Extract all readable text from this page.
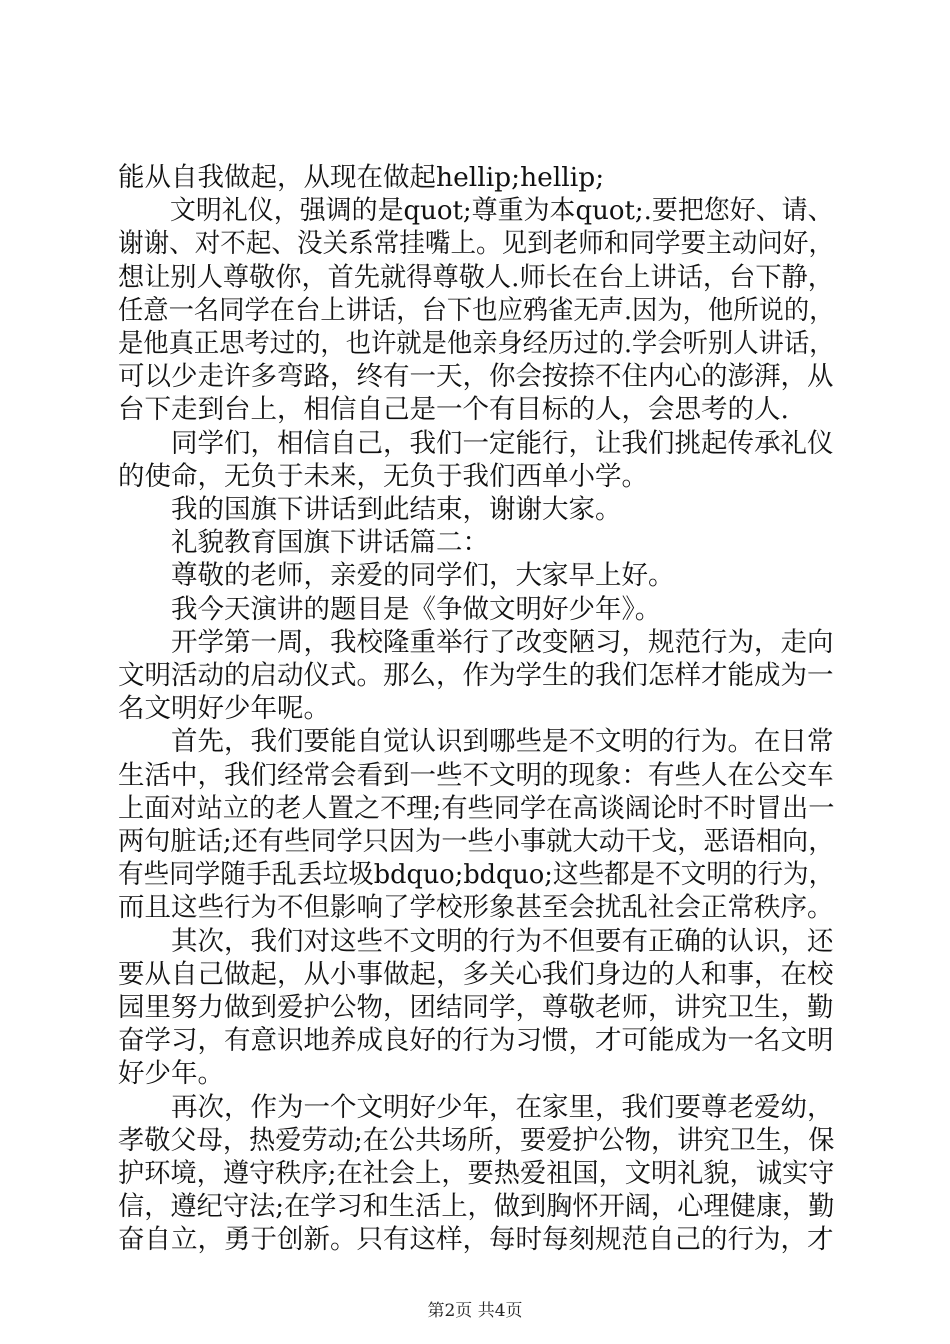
能从自我做起，从现在做起hellip;hellip;
　　文明礼仪，强调的是quot;尊重为本quot;.要把您好、请、
谢谢、对不起、没关系常挂嘴上。见到老师和同学要主动问好，
想让别人尊敬你，首先就得尊敬人.师长在台上讲话，台下静，
任意一名同学在台上讲话，台下也应鸦雀无声.因为，他所说的，
是他真正思考过的，也许就是他亲身经历过的.学会听别人讲话，
可以少走许多弯路，终有一天，你会按捺不住内心的澎湃，从
台下走到台上，相信自己是一个有目标的人，会思考的人.
　　同学们，相信自己，我们一定能行，让我们挑起传承礼仪
的使命，无负于未来，无负于我们西单小学。
　　我的国旗下讲话到此结束，谢谢大家。
　　礼貌教育国旗下讲话篇二：
　　尊敬的老师，亲爱的同学们，大家早上好。
　　我今天演讲的题目是《争做文明好少年》。
　　开学第一周，我校隆重举行了改变陋习，规范行为，走向
文明活动的启动仪式。那么，作为学生的我们怎样才能成为一
名文明好少年呢。
　　首先，我们要能自觉认识到哪些是不文明的行为。在日常
生活中，我们经常会看到一些不文明的现象：有些人在公交车
上面对站立的老人置之不理;有些同学在高谈阔论时不时冒出一
两句脏话;还有些同学只因为一些小事就大动干戈，恶语相向，
有些同学随手乱丢垃圾bdquo;bdquo;这些都是不文明的行为，
而且这些行为不但影响了学校形象甚至会扰乱社会正常秩序。
　　其次，我们对这些不文明的行为不但要有正确的认识，还
要从自己做起，从小事做起，多关心我们身边的人和事，在校
园里努力做到爱护公物，团结同学，尊敬老师，讲究卫生，勤
奋学习，有意识地养成良好的行为习惯，才可能成为一名文明
好少年。
　　再次，作为一个文明好少年，在家里，我们要尊老爱幼，
孝敬父母，热爱劳动;在公共场所，要爱护公物，讲究卫生，保
护环境，遵守秩序;在社会上，要热爱祖国，文明礼貌，诚实守
信，遵纪守法;在学习和生活上，做到胸怀开阔，心理健康，勤
奋自立，勇于创新。只有这样，每时每刻规范自己的行为，才
第2页 共4页
